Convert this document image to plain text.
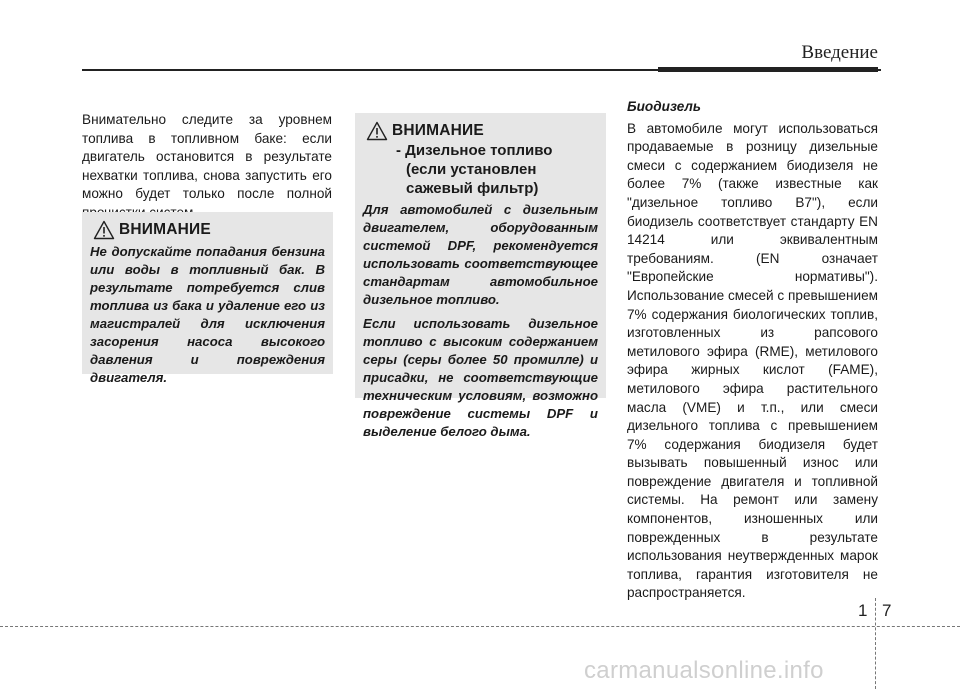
Введение

Внимательно следите за уровнем топлива в топливном баке: если двигатель остановится в результате нехватки топлива, снова запустить его можно будет только после полной

ВНИМАНИЕ

Не допускайте попадания бензина или воды в топливный бак. В результате потребуется слив топлива из бака и удаление его из магистралей для исключения засорения насоса высокого давления и повреждения двигателя.

ВНИМАНИЕ
- Дизельное топливо
(если установлен
сажевый фильтр)

Для автомобилей с дизельным двигателем, оборудованным системой DPF, рекомендуется использовать соответствующее стандартам автомобильное дизельное топливо.

Если использовать дизельное топливо с высоким содержанием серы (серы более 50 промилле) и присадки, не соответствующие техническим условиям, возможно повреждение системы DPF и выделение белого дыма.

Биодизель

В автомобиле могут использоваться продаваемые в розницу дизельные смеси с содержанием биодизеля не более 7% (также известные как "дизельное топливо B7"), если биодизель соответствует стандарту EN 14214 или эквивалентным требованиям. (EN означает "Европейские нормативы"). Использование смесей с превышением 7% содержания биологических топлив, изготовленных из рапсового метилового эфира (RME), метилового эфира жирных кислот (FAME), метилового эфира растительного масла (VME) и т.п., или смеси дизельного топлива с превышением 7% содержания биодизеля будет вызывать повышенный износ или повреждение двигателя и топливной системы. На ремонт или замену компонентов, изношенных или поврежденных в результате использования неутвержденных марок топлива, гарантия изготовителя не распространяется.

1 7
carmanualsonline.info
